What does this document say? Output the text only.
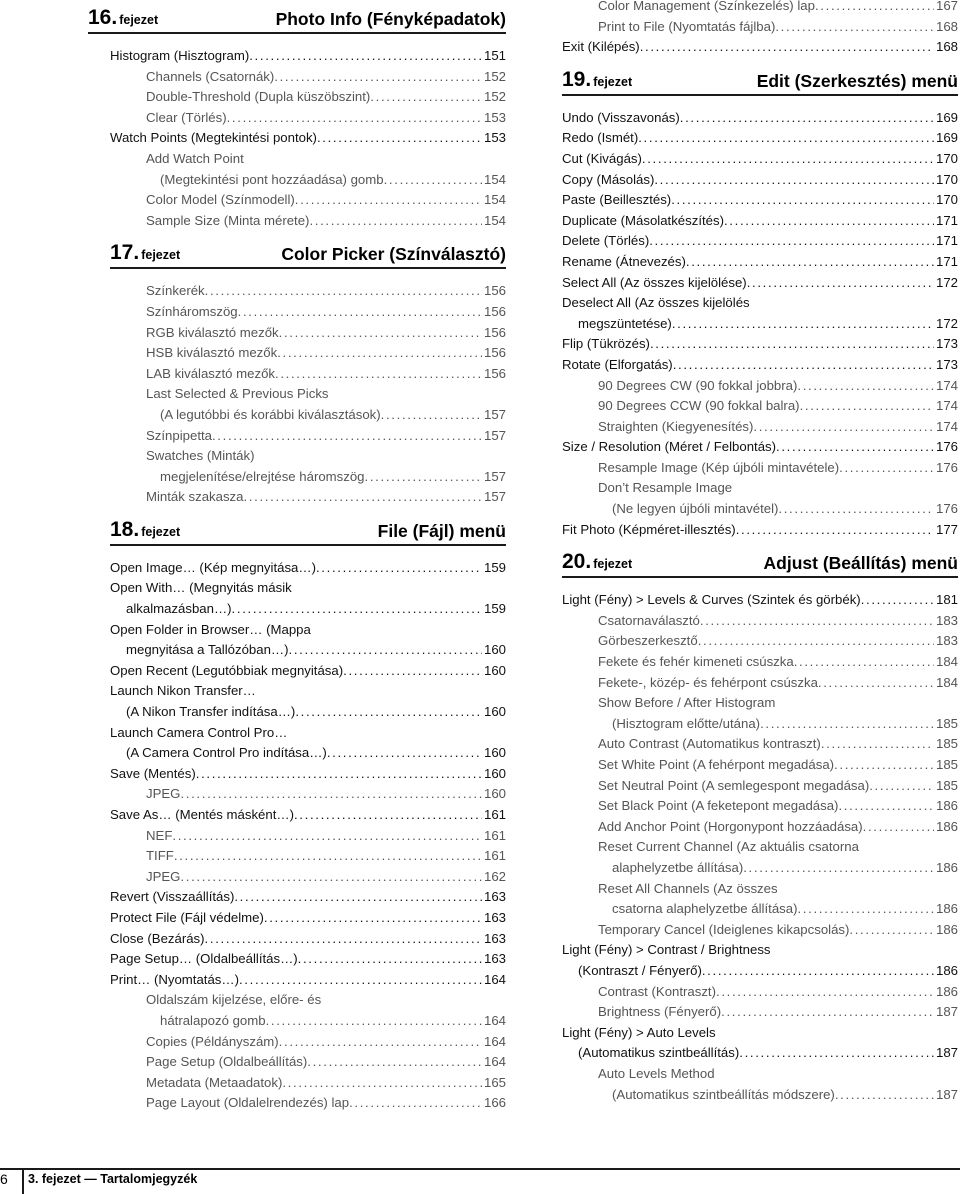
16. fejezet	Photo Info (Fényképadatok)
Histogram (Hisztogram) . . .	151
Channels (Csatornák) . . .	152
Double-Threshold (Dupla küszöbszint) . . .	152
Clear (Törlés) . . .	153
Watch Points (Megtekintési pontok) . . .	153
Add Watch Point
(Megtekintési pont hozzáadása) gomb . . .	154
Color Model (Színmodell) . . .	154
Sample Size (Minta mérete) . . .	154
17. fejezet	Color Picker (Színválasztó)
Színkerék . . .	156
Színháromszög . . .	156
RGB kiválasztó mezők . . .	156
HSB kiválasztó mezők . . .	156
LAB kiválasztó mezők . . .	156
Last Selected & Previous Picks
(A legutóbbi és korábbi kiválasztások) . . .	157
Színpipetta . . .	157
Swatches (Minták)
megjelenítése/elrejtése háromszög . . .	157
Minták szakasza . . .	157
18. fejezet	File (Fájl) menü
Open Image… (Kép megnyitása…) . . .	159
Open With… (Megnyitás másik
alkalmazásban…) . . .	159
Open Folder in Browser… (Mappa
megnyitása a Tallózóban…) . . .	160
Open Recent (Legutóbbiak megnyitása) . . .	160
Launch Nikon Transfer…
(A Nikon Transfer indítása…) . . .	160
Launch Camera Control Pro…
(A Camera Control Pro indítása…) . . .	160
Save (Mentés) . . .	160
JPEG . . .	160
Save As… (Mentés másként…) . . .	161
NEF . . .	161
TIFF . . .	161
JPEG . . .	162
Revert (Visszaállítás) . . .	163
Protect File (Fájl védelme) . . .	163
Close (Bezárás) . . .	163
Page Setup… (Oldalbeállítás…) . . .	163
Print… (Nyomtatás…) . . .	164
Oldalszám kijelzése, előre- és
hátralapozó gomb . . .	164
Copies (Példányszám) . . .	164
Page Setup (Oldalbeállítás) . . .	164
Metadata (Metaadatok) . . .	165
Page Layout (Oldalelrendezés) lap . . .	166
Color Management (Színkezelés) lap . . .	167
Print to File (Nyomtatás fájlba) . . .	168
Exit (Kilépés) . . .	168
19. fejezet	Edit (Szerkesztés) menü
Undo (Visszavonás) . . .	169
Redo (Ismét) . . .	169
Cut (Kivágás) . . .	170
Copy (Másolás) . . .	170
Paste (Beillesztés) . . .	170
Duplicate (Másolatkészítés) . . .	171
Delete (Törlés) . . .	171
Rename (Átnevezés) . . .	171
Select All (Az összes kijelölése) . . .	172
Deselect All (Az összes kijelölés
megszüntetése) . . .	172
Flip (Tükrözés) . . .	173
Rotate (Elforgatás) . . .	173
90 Degrees CW (90 fokkal jobbra) . . .	174
90 Degrees CCW (90 fokkal balra) . . .	174
Straighten (Kiegyenesítés) . . .	174
Size / Resolution (Méret / Felbontás) . . .	176
Resample Image (Kép újbóli mintavétele) . . .	176
Don’t Resample Image
(Ne legyen újbóli mintavétel) . . .	176
Fit Photo (Képméret-illesztés) . . .	177
20. fejezet	Adjust (Beállítás) menü
Light (Fény) > Levels & Curves (Szintek és görbék) . . .	181
Csatornaválasztó . . .	183
Görbeszerkesztő . . .	183
Fekete és fehér kimeneti csúszka . . .	184
Fekete-, közép- és fehérpont csúszka . . .	184
Show Before / After Histogram
(Hisztogram előtte/utána) . . .	185
Auto Contrast (Automatikus kontraszt) . . .	185
Set White Point (A fehérpont megadása) . . .	185
Set Neutral Point (A semlegespont megadása) . . .	185
Set Black Point (A feketepont megadása) . . .	186
Add Anchor Point (Horgonypont hozzáadása) . . .	186
Reset Current Channel (Az aktuális csatorna
alaphelyzetbe állítása) . . .	186
Reset All Channels (Az összes
csatorna alaphelyzetbe állítása) . . .	186
Temporary Cancel (Ideiglenes kikapcsolás) . . .	186
Light (Fény) > Contrast / Brightness
(Kontraszt / Fényerő) . . .	186
Contrast (Kontraszt) . . .	186
Brightness (Fényerő) . . .	187
Light (Fény) > Auto Levels
(Automatikus szintbeállítás) . . .	187
Auto Levels Method
(Automatikus szintbeállítás módszere) . . .	187
6 3. fejezet — Tartalomjegyzék
